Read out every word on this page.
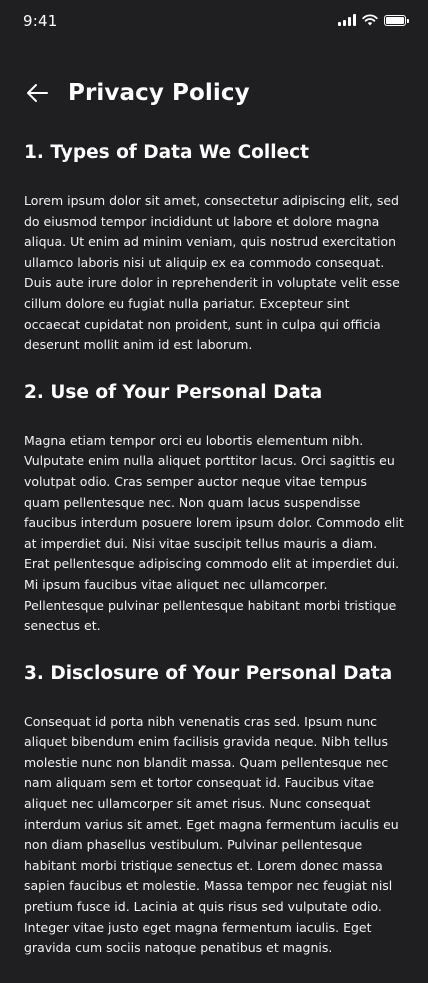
9:41
Privacy Policy
1. Types of Data We Collect

Lorem ipsum dolor sit amet, consectetur adipiscing elit, sed do eiusmod tempor incididunt ut labore et dolore magna aliqua. Ut enim ad minim veniam, quis nostrud exercitation ullamco laboris nisi ut aliquip ex ea commodo consequat. Duis aute irure dolor in reprehenderit in voluptate velit esse cillum dolore eu fugiat nulla pariatur. Excepteur sint occaecat cupidatat non proident, sunt in culpa qui officia deserunt mollit anim id est laborum.

2. Use of Your Personal Data

Magna etiam tempor orci eu lobortis elementum nibh. Vulputate enim nulla aliquet porttitor lacus. Orci sagittis eu volutpat odio. Cras semper auctor neque vitae tempus quam pellentesque nec. Non quam lacus suspendisse faucibus interdum posuere lorem ipsum dolor. Commodo elit at imperdiet dui. Nisi vitae suscipit tellus mauris a diam. Erat pellentesque adipiscing commodo elit at imperdiet dui. Mi ipsum faucibus vitae aliquet nec ullamcorper. Pellentesque pulvinar pellentesque habitant morbi tristique senectus et.

3. Disclosure of Your Personal Data

Consequat id porta nibh venenatis cras sed. Ipsum nunc aliquet bibendum enim facilisis gravida neque. Nibh tellus molestie nunc non blandit massa. Quam pellentesque nec nam aliquam sem et tortor consequat id. Faucibus vitae aliquet nec ullamcorper sit amet risus. Nunc consequat interdum varius sit amet. Eget magna fermentum iaculis eu non diam phasellus vestibulum. Pulvinar pellentesque habitant morbi tristique senectus et. Lorem donec massa sapien faucibus et molestie. Massa tempor nec feugiat nisl pretium fusce id. Lacinia at quis risus sed vulputate odio. Integer vitae justo eget magna fermentum iaculis. Eget gravida cum sociis natoque penatibus et magnis.
